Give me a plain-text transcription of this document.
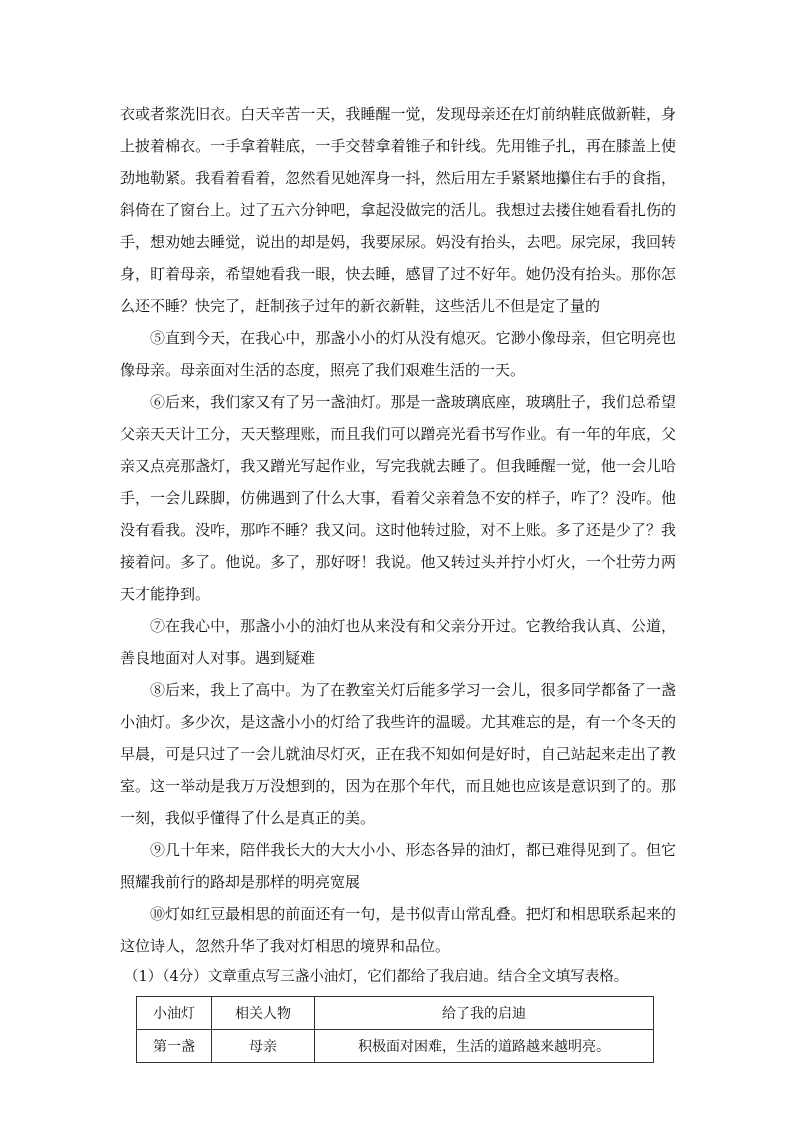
衣或者浆洗旧衣。白天辛苦一天，我睡醒一觉，发现母亲还在灯前纳鞋底做新鞋，身上披着棉衣。一手拿着鞋底，一手交替拿着锥子和针线。先用锥子扎，再在膝盖上使劲地勒紧。我看着看着，忽然看见她浑身一抖，然后用左手紧紧地攥住右手的食指，斜倚在了窗台上。过了五六分钟吧，拿起没做完的活儿。我想过去搂住她看看扎伤的手，想劝她去睡觉，说出的却是妈，我要尿尿。妈没有抬头，去吧。尿完尿，我回转身，盯着母亲，希望她看我一眼，快去睡，感冒了过不好年。她仍没有抬头。那你怎么还不睡？快完了，赶制孩子过年的新衣新鞋，这些活儿不但是定了量的

⑤直到今天，在我心中，那盏小小的灯从没有熄灭。它渺小像母亲，但它明亮也像母亲。母亲面对生活的态度，照亮了我们艰难生活的一天。

⑥后来，我们家又有了另一盏油灯。那是一盏玻璃底座，玻璃肚子，我们总希望父亲天天计工分，天天整理账，而且我们可以蹭亮光看书写作业。有一年的年底，父亲又点亮那盏灯，我又蹭光写起作业，写完我就去睡了。但我睡醒一觉，他一会儿哈手，一会儿跺脚，仿佛遇到了什么大事，看着父亲着急不安的样子，咋了？没咋。他没有看我。没咋，那咋不睡？我又问。这时他转过脸，对不上账。多了还是少了？我接着问。多了。他说。多了，那好呀！我说。他又转过头并拧小灯火，一个壮劳力两天才能挣到。

⑦在我心中，那盏小小的油灯也从来没有和父亲分开过。它教给我认真、公道，善良地面对人对事。遇到疑难

⑧后来，我上了高中。为了在教室关灯后能多学习一会儿，很多同学都备了一盏小油灯。多少次，是这盏小小的灯给了我些许的温暖。尤其难忘的是，有一个冬天的早晨，可是只过了一会儿就油尽灯灭，正在我不知如何是好时，自己站起来走出了教室。这一举动是我万万没想到的，因为在那个年代，而且她也应该是意识到了的。那一刻，我似乎懂得了什么是真正的美。

⑨几十年来，陪伴我长大的大大小小、形态各异的油灯，都已难得见到了。但它照耀我前行的路却是那样的明亮宽展

⑩灯如红豆最相思的前面还有一句，是书似青山常乱叠。把灯和相思联系起来的这位诗人，忽然升华了我对灯相思的境界和品位。

（1）（4分）文章重点写三盏小油灯，它们都给了我启迪。结合全文填写表格。

小油灯	相关人物	给了我的启迪
第一盏	母亲	积极面对困难，生活的道路越来越明亮。
